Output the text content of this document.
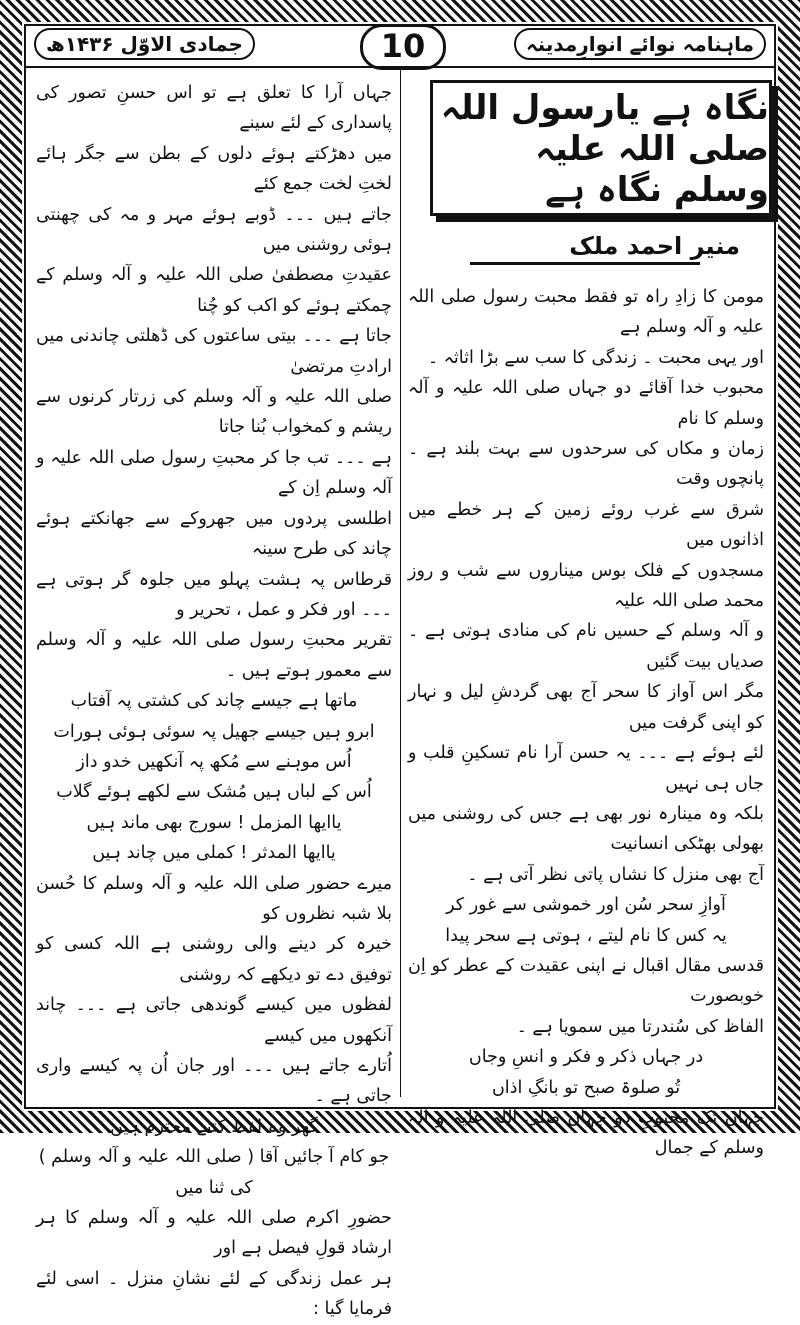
ماہنامہ نوائے انوارِمدینہ
جمادی الاوّل ۱۴۳۶ھ	10
نگاہ ہے یارسول اللہ صلی اللہ علیہ وسلم نگاہ ہے
منیر احمد ملک

مومن کا زادِ راہ تو فقط محبت رسول صلی اللہ علیہ و آلہ وسلم ہے

اور یہی محبت ۔ زندگی کا سب سے بڑا اثاثہ ۔

محبوب خدا آقائے دو جہاں صلی اللہ علیہ و آلہ وسلم کا نام

زمان و مکاں کی سرحدوں سے بہت بلند ہے ۔ پانچوں وقت

شرق سے غرب روئے زمین کے ہر خطے میں اذانوں میں

مسجدوں کے فلک بوس میناروں سے شب و روز محمد صلی اللہ علیہ

و آلہ وسلم کے حسیں نام کی منادی ہوتی ہے ۔ صدیاں بیت گئیں

مگر اس آواز کا سحر آج بھی گردشِ لیل و نہار کو اپنی گرفت میں

لئے ہوئے ہے ۔۔۔ یہ حسن آرا نام تسکینِ قلب و جاں ہی نہیں

بلکہ وہ مینارہ نور بھی ہے جس کی روشنی میں بھولی بھٹکی انسانیت

آج بھی منزل کا نشاں پاتی نظر آتی ہے ۔

آوازِ سحر سُن اور خموشی سے غور کر

یہ کس کا نام لیتے ، ہوتی ہے سحر پیدا

قدسی مقال اقبال نے اپنی عقیدت کے عطر کو اِن خوبصورت

الفاظ کی سُندرتا میں سمویا ہے ۔

در جہاں ذکر و فکر و انسِ وجاں

تُو صلوۃ صبح تو بانگِ اذاں

جہاں تک محبوبِ دو جہاں صلی اللہ علیہ و آلہ وسلم کے جمال

جہاں آرا کا تعلق ہے تو اس حسنِ تصور کی پاسداری کے لئے سینے

میں دھڑکتے ہوئے دلوں کے بطن سے جگر ہائے لختِ لخت جمع کئے

جاتے ہیں ۔۔۔ ڈوبے ہوئے مہر و مہ کی چھنتی ہوئی روشنی میں

عقیدتِ مصطفیٰ صلی اللہ علیہ و آلہ وسلم کے چمکتے ہوئے کو اکب کو چُنا

جاتا ہے ۔۔۔ بیتی ساعتوں کی ڈھلتی چاندنی میں ارادتِ مرتضیٰ

صلی اللہ علیہ و آلہ وسلم کی زرتار کرنوں سے ریشم و کمخواب بُنا جاتا

ہے ۔۔۔ تب جا کر محبتِ رسول صلی اللہ علیہ و آلہ وسلم اِن کے

اطلسی پردوں میں جھروکے سے جھانکتے ہوئے چاند کی طرح سینہ

قرطاس پہ ہشت پہلو میں جلوہ گر ہوتی ہے ۔۔۔ اور فکر و عمل ، تحریر و

تقریر محبتِ رسول صلی اللہ علیہ و آلہ وسلم سے معمور ہوتے ہیں ۔

ماتھا ہے جیسے چاند کی کشتی پہ آفتاب

ابرو ہیں جیسے جھیل پہ سوئی ہوئی ہورات

اُس موہنے سے مُکھ پہ آنکھیں خدو داز

اُس کے لباں ہیں مُشک سے لکھے ہوئے گلاب

یاایھا المزمل ! سورج بھی ماند ہیں

یاایھا المدثر ! کملی میں چاند ہیں

میرے حضور صلی اللہ علیہ و آلہ وسلم کا حُسن بلا شبہ نظروں کو

خیرہ کر دینے والی روشنی ہے اللہ کسی کو توفیق دے تو دیکھے کہ روشنی

لفظوں میں کیسے گوندھی جاتی ہے ۔۔۔ چاند آنکھوں میں کیسے

اُتارے جاتے ہیں ۔۔۔ اور جان اُن پہ کیسے واری جاتی ہے ۔

گھر وہ لفظ کتنے محترم ہیں

جو کام آ جائیں آقا ( صلی اللہ علیہ و آلہ وسلم ) کی ثنا میں

حضورِ اکرم صلی اللہ علیہ و آلہ وسلم کا ہر ارشاد قولِ فیصل ہے اور

ہر عمل زندگی کے لئے نشانِ منزل ۔ اسی لئے فرمایا گیا :
